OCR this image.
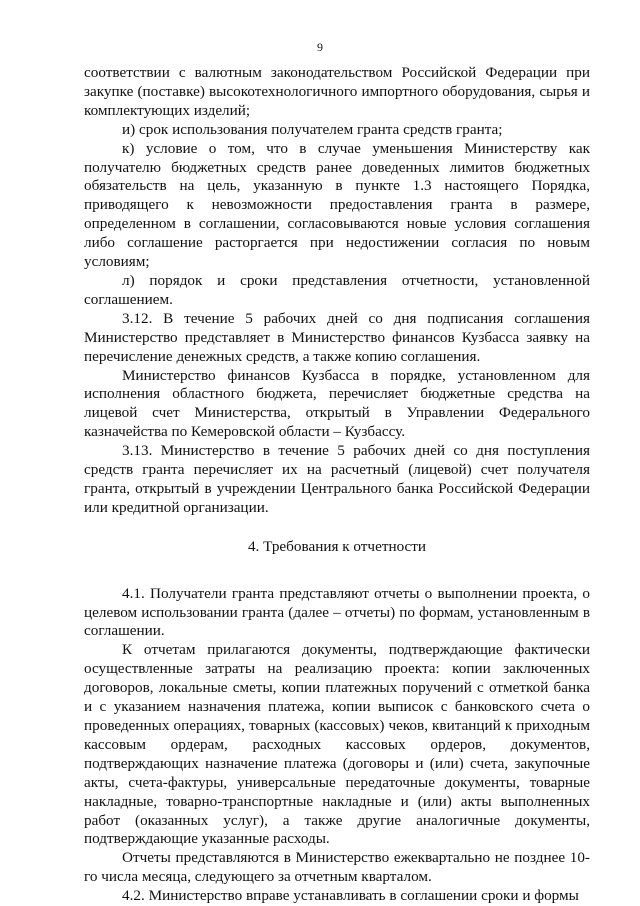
9

соответствии с валютным законодательством Российской Федерации при закупке (поставке) высокотехнологичного импортного оборудования, сырья и комплектующих изделий;

и) срок использования получателем гранта средств гранта;

к) условие о том, что в случае уменьшения Министерству как получателю бюджетных средств ранее доведенных лимитов бюджетных обязательств на цель, указанную в пункте 1.3 настоящего Порядка, приводящего к невозможности предоставления гранта в размере, определенном в соглашении, согласовываются новые условия соглашения либо соглашение расторгается при недостижении согласия по новым условиям;

л) порядок и сроки представления отчетности, установленной соглашением.

3.12. В течение 5 рабочих дней со дня подписания соглашения Министерство представляет в Министерство финансов Кузбасса заявку на перечисление денежных средств, а также копию соглашения.

Министерство финансов Кузбасса в порядке, установленном для исполнения областного бюджета, перечисляет бюджетные средства на лицевой счет Министерства, открытый в Управлении Федерального казначейства по Кемеровской области – Кузбассу.

3.13. Министерство в течение 5 рабочих дней со дня поступления средств гранта перечисляет их на расчетный (лицевой) счет получателя гранта, открытый в учреждении Центрального банка Российской Федерации или кредитной организации.

4. Требования к отчетности

4.1. Получатели гранта представляют отчеты о выполнении проекта, о целевом использовании гранта (далее – отчеты) по формам, установленным в соглашении.

К отчетам прилагаются документы, подтверждающие фактически осуществленные затраты на реализацию проекта: копии заключенных договоров, локальные сметы, копии платежных поручений с отметкой банка и с указанием назначения платежа, копии выписок с банковского счета о проведенных операциях, товарных (кассовых) чеков, квитанций к приходным кассовым ордерам, расходных кассовых ордеров, документов, подтверждающих назначение платежа (договоры и (или) счета, закупочные акты, счета-фактуры, универсальные передаточные документы, товарные накладные, товарно-транспортные накладные и (или) акты выполненных работ (оказанных услуг), а также другие аналогичные документы, подтверждающие указанные расходы.

Отчеты представляются в Министерство ежеквартально не позднее 10-го числа месяца, следующего за отчетным кварталом.

4.2. Министерство вправе устанавливать в соглашении сроки и формы
